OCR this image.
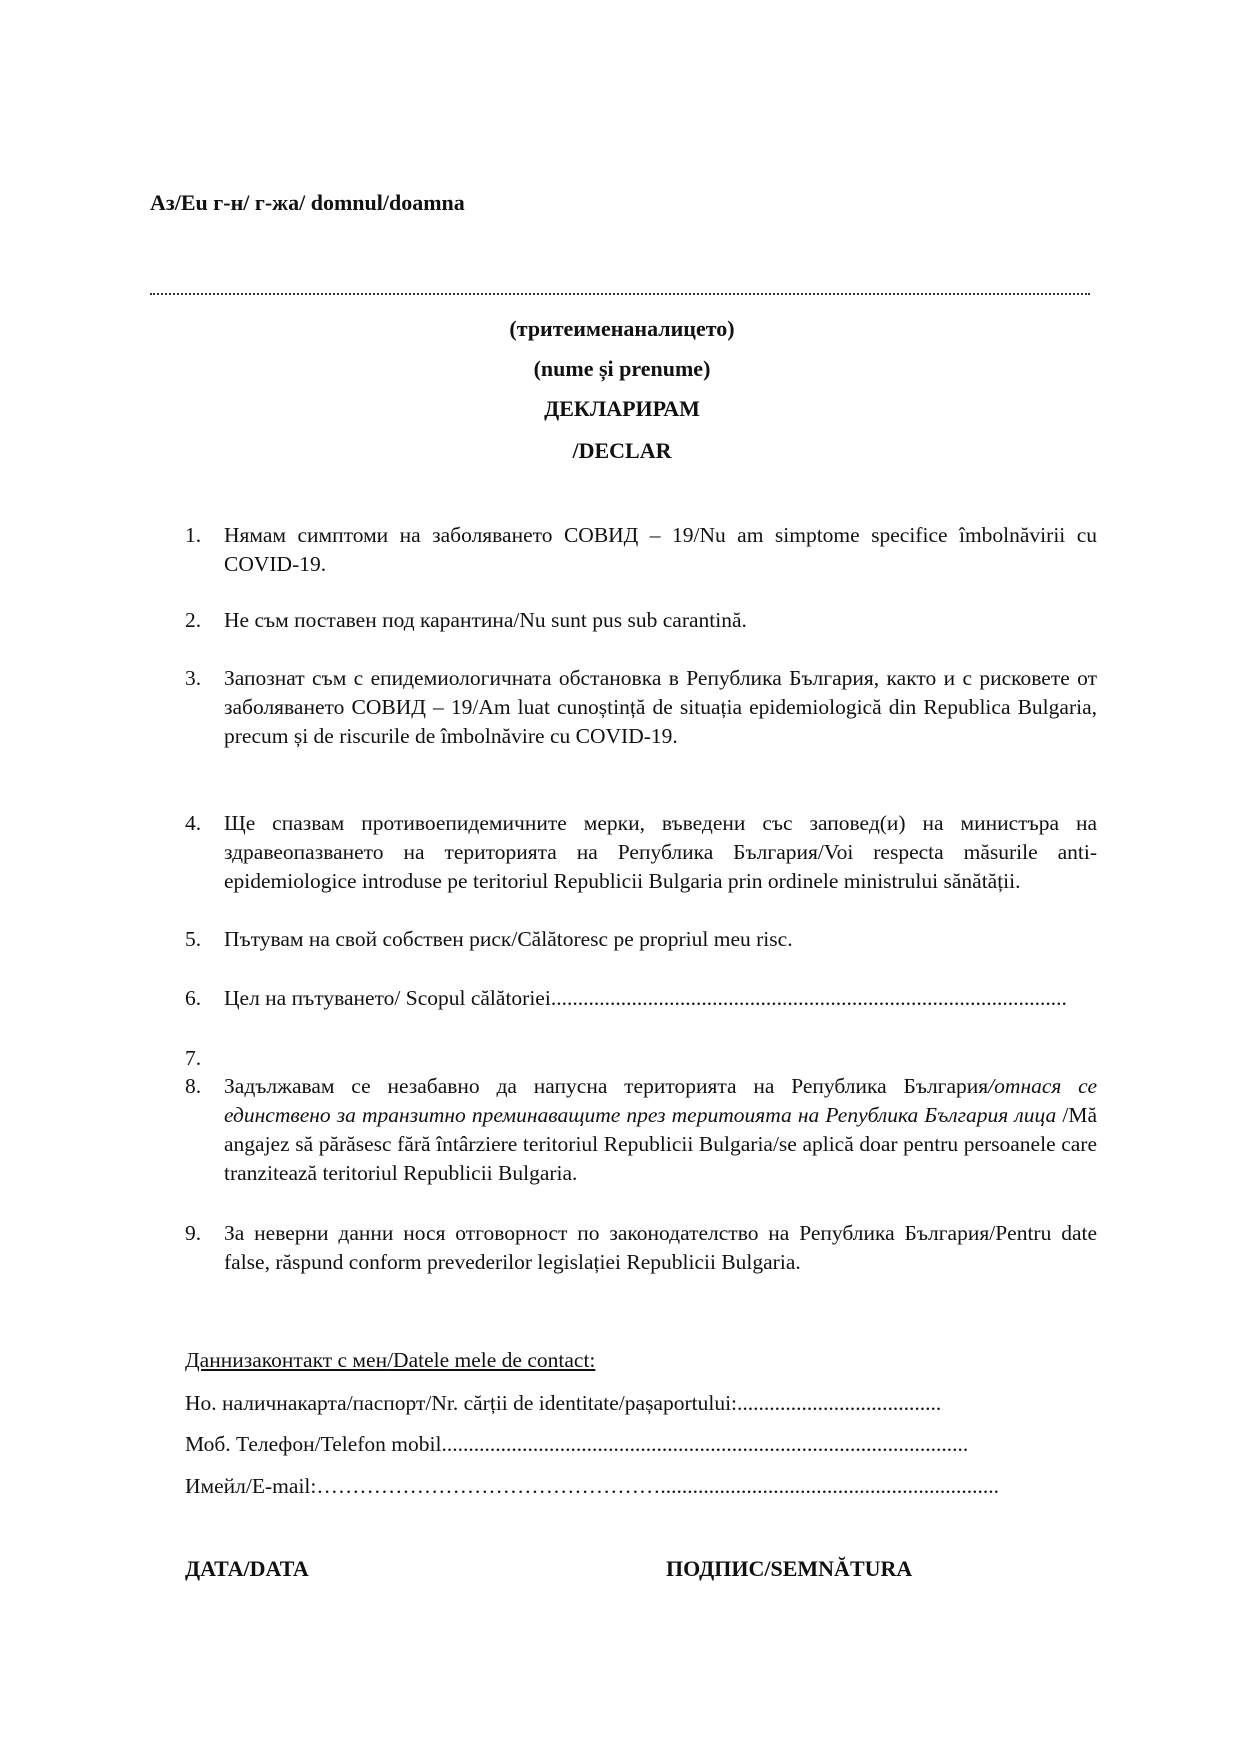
Аз/Eu г-н/ г-жа/ domnul/doamna
(тритеименаналицето)
(nume și prenume)
ДЕКЛАРИРАМ
/DECLAR
1.	Нямам симптоми на заболяването СОВИД – 19/Nu am simptome specifice îmbolnăvirii cu COVID-19.
2.	Не съм поставен под карантина/Nu sunt pus sub carantină.
3.	Запознат съм с епидемиологичната обстановка в Република България, както и с рисковете от заболяването СОВИД – 19/Am luat cunoștință de situația epidemiologică din Republica Bulgaria, precum și de riscurile de îmbolnăvire cu COVID-19.
4.	Ще спазвам противоепидемичните мерки, въведени със заповед(и) на министъра на здравеопазването на територията на Република България/Voi respecta măsurile anti-epidemiologice introduse pe teritoriul Republicii Bulgaria prin ordinele ministrului sănătății.
5.	Пътувам на свой собствен риск/Călătoresc pe propriul meu risc.
6.	Цел на пътуването/ Scopul călătoriei................................................................................................
7.
8.	Задължавам се незабавно да напусна територията на Република България/отнася се единствено за транзитно преминаващите през теритоията на Република България лица /Mă angajez să părăsesc fără întârziere teritoriul Republicii Bulgaria/se aplică doar pentru persoanele care tranzitează teritoriul Republicii Bulgaria.
9.	За неверни данни нося отговорност по законодателство на Република България/Pentru date false, răspund conform prevederilor legislației Republicii Bulgaria.
Даннизаконтакт с мен/Datele mele de contact:
Но. наличнакарта/паспорт/Nr. cărții de identitate/pașaportului:......................................
Моб. Телефон/Telefon mobil..................................................................................................
Имейл/E-mail:…………………………………………...............................................................
ДАТА/DATA	ПОДПИС/SEMNĂTURA
